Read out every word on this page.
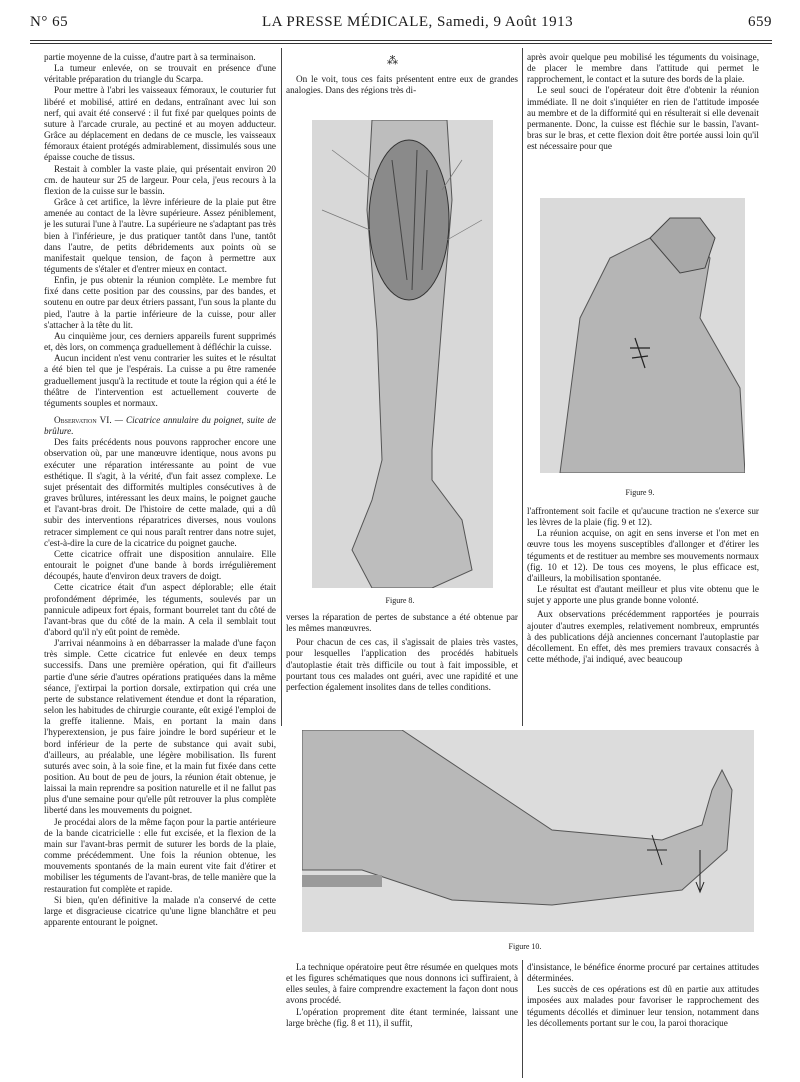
N° 65	LA PRESSE MÉDICALE, Samedi, 9 Août 1913	659

partie moyenne de la cuisse, d'autre part à sa terminaison.

La tumeur enlevée, on se trouvait en présence d'une véritable préparation du triangle du Scarpa.

Pour mettre à l'abri les vaisseaux fémoraux, le couturier fut libéré et mobilisé, attiré en dedans, entraînant avec lui son nerf, qui avait été conservé : il fut fixé par quelques points de suture à l'arcade crurale, au pectiné et au moyen adducteur. Grâce au déplacement en dedans de ce muscle, les vaisseaux fémoraux étaient protégés admirablement, dissimulés sous une épaisse couche de tissus.

Restait à combler la vaste plaie, qui présentait environ 20 cm. de hauteur sur 25 de largeur. Pour cela, j'eus recours à la flexion de la cuisse sur le bassin.

Grâce à cet artifice, la lèvre inférieure de la plaie put être amenée au contact de la lèvre supérieure. Assez péniblement, je les suturai l'une à l'autre. La supérieure ne s'adaptant pas très bien à l'inférieure, je dus pratiquer tantôt dans l'une, tantôt dans l'autre, de petits débridements aux points où se manifestait quelque tension, de façon à permettre aux téguments de s'étaler et d'entrer mieux en contact.

Enfin, je pus obtenir la réunion complète. Le membre fut fixé dans cette position par des coussins, par des bandes, et soutenu en outre par deux étriers passant, l'un sous la plante du pied, l'autre à la partie inférieure de la cuisse, pour aller s'attacher à la tête du lit.

Au cinquième jour, ces derniers appareils furent supprimés et, dès lors, on commença graduellement à défléchir la cuisse.

Aucun incident n'est venu contrarier les suites et le résultat a été bien tel que je l'espérais. La cuisse a pu être ramenée graduellement jusqu'à la rectitude et toute la région qui a été le théâtre de l'intervention est actuellement couverte de téguments souples et normaux.

Observation VI. — Cicatrice annulaire du poignet, suite de brûlure.

Des faits précédents nous pouvons rapprocher encore une observation où, par une manœuvre identique, nous avons pu exécuter une réparation intéressante au point de vue esthétique. Il s'agit, à la vérité, d'un fait assez complexe. Le sujet présentait des difformités multiples consécutives à de graves brûlures, intéressant les deux mains, le poignet gauche et l'avant-bras droit. De l'histoire de cette malade, qui a dû subir des interventions réparatrices diverses, nous voulons retracer simplement ce qui nous paraît rentrer dans notre sujet, c'est-à-dire la cure de la cicatrice du poignet gauche.

Cette cicatrice offrait une disposition annulaire. Elle entourait le poignet d'une bande à bords irrégulièrement découpés, haute d'environ deux travers de doigt.

Cette cicatrice était d'un aspect déplorable; elle était profondément déprimée, les téguments, soulevés par un pannicule adipeux fort épais, formant bourrelet tant du côté de l'avant-bras que du côté de la main. A cela il semblait tout d'abord qu'il n'y eût point de remède.

J'arrivai néanmoins à en débarrasser la malade d'une façon très simple. Cette cicatrice fut enlevée en deux temps successifs. Dans une première opération, qui fit d'ailleurs partie d'une série d'autres opérations pratiquées dans la même séance, j'extirpai la portion dorsale, extirpation qui créa une perte de substance relativement étendue et dont la réparation, selon les habitudes de chirurgie courante, eût exigé l'emploi de la greffe italienne. Mais, en portant la main dans l'hyperextension, je pus faire joindre le bord supérieur et le bord inférieur de la perte de substance qui avait subi, d'ailleurs, au préalable, une légère mobilisation. Ils furent suturés avec soin, à la soie fine, et la main fut fixée dans cette position. Au bout de peu de jours, la réunion était obtenue, je laissai la main reprendre sa position naturelle et il ne fallut pas plus d'une semaine pour qu'elle pût retrouver la plus complète liberté dans les mouvements du poignet.

Je procédai alors de la même façon pour la partie antérieure de la bande cicatricielle : elle fut excisée, et la flexion de la main sur l'avant-bras permit de suturer les bords de la plaie, comme précédemment. Une fois la réunion obtenue, les mouvements spontanés de la main eurent vite fait d'étirer et mobiliser les téguments de l'avant-bras, de telle manière que la restauration fut complète et rapide.

Si bien, qu'en définitive la malade n'a conservé de cette large et disgracieuse cicatrice qu'une ligne blanchâtre et peu apparente entourant le poignet.

⁂

On le voit, tous ces faits présentent entre eux de grandes analogies. Dans des régions très di-

Figure 8.

verses la réparation de pertes de substance a été obtenue par les mêmes manœuvres.

Pour chacun de ces cas, il s'agissait de plaies très vastes, pour lesquelles l'application des procédés habituels d'autoplastie était très difficile ou tout à fait impossible, et pourtant tous ces malades ont guéri, avec une rapidité et une perfection également insolites dans de telles conditions.

après avoir quelque peu mobilisé les téguments du voisinage, de placer le membre dans l'attitude qui permet le rapprochement, le contact et la suture des bords de la plaie.

Le seul souci de l'opérateur doit être d'obtenir la réunion immédiate. Il ne doit s'inquiéter en rien de l'attitude imposée au membre et de la difformité qui en résulterait si elle devenait permanente. Donc, la cuisse est fléchie sur le bassin, l'avant-bras sur le bras, et cette flexion doit être portée aussi loin qu'il est nécessaire pour que

Figure 9.

l'affrontement soit facile et qu'aucune traction ne s'exerce sur les lèvres de la plaie (fig. 9 et 12).

La réunion acquise, on agit en sens inverse et l'on met en œuvre tous les moyens susceptibles d'allonger et d'étirer les téguments et de restituer au membre ses mouvements normaux (fig. 10 et 12). De tous ces moyens, le plus efficace est, d'ailleurs, la mobilisation spontanée.

Le résultat est d'autant meilleur et plus vite obtenu que le sujet y apporte une plus grande bonne volonté.

Aux observations précédemment rapportées je pourrais ajouter d'autres exemples, relativement nombreux, empruntés à des publications déjà anciennes concernant l'autoplastie par décollement. En effet, dès mes premiers travaux consacrés à cette méthode, j'ai indiqué, avec beaucoup

Figure 10.

La technique opératoire peut être résumée en quelques mots et les figures schématiques que nous donnons ici suffiraient, à elles seules, à faire comprendre exactement la façon dont nous avons procédé.

L'opération proprement dite étant terminée, laissant une large brèche (fig. 8 et 11), il suffit,

d'insistance, le bénéfice énorme procuré par certaines attitudes déterminées.

Les succès de ces opérations est dû en partie aux attitudes imposées aux malades pour favoriser le rapprochement des téguments décollés et diminuer leur tension, notamment dans les décollements portant sur le cou, la paroi thoracique
